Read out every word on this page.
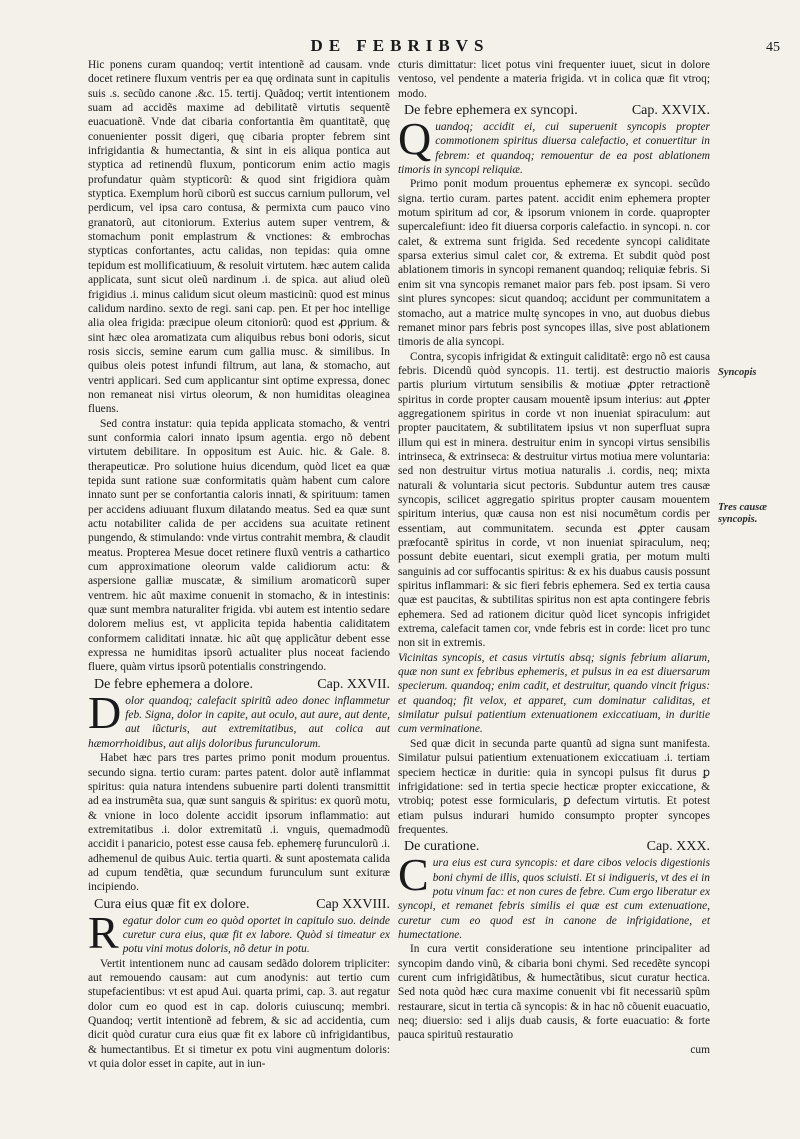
DE FEBRIBVS	45

Hic ponens curam quandoq; vertit intentionẽ ad causam. vnde docet retinere fluxum ventris per ea quę ordinata sunt in capitulis suis .s. secũdo canone .&c. 15. tertij. Quãdoq; vertit intentionem suam ad accidẽs maxime ad debilitatẽ virtutis sequentẽ euacuationẽ. Vnde dat cibaria confortantia ẽm quantitatẽ, quę conuenienter possit digeri, quę cibaria propter febrem sint infrigidantia & humectantia, & sint in eis aliqua pontica aut styptica ad retinendũ fluxum, ponticorum enim actio magis profundatur quàm stypticorũ: & quod sint frigidiora quàm styptica. Exemplum horũ ciborũ est succus carnium pullorum, vel perdicum, vel ipsa caro contusa, & permixta cum pauco vino granatorũ, aut citoniorum. Exterius autem super ventrem, & stomachum ponit emplastrum & vnctiones: & embrochas stypticas confortantes, actu calidas, non tepidas: quia omne tepidum est mollificatiuum, & resoluit virtutem. hæc autem calida applicata, sunt sicut oleũ nardinum .i. de spica. aut aliud oleũ frigidius .i. minus calidum sicut oleum masticinũ: quod est minus calidum nardino. sexto de regi. sani cap. pen. Et per hoc intellige alia olea frigida: præcipue oleum citoniorũ: quod est ꝓprium. & sint hæc olea aromatizata cum aliquibus rebus boni odoris, sicut rosis siccis, semine earum cum gallia musc. & similibus. In quibus oleis potest infundi filtrum, aut lana, & stomacho, aut ventri applicari. Sed cum applicantur sint optime expressa, donec non remaneat nisi virtus oleorum, & non humiditas oleaginea fluens.

Sed contra instatur: quia tepida applicata stomacho, & ventri sunt conformia calori innato ipsum agentia. ergo nõ debent virtutem debilitare. In oppositum est Auic. hic. & Gale. 8. therapeuticæ. Pro solutione huius dicendum, quòd licet ea quæ tepida sunt ratione suæ conformitatis quàm habent cum calore innato sunt per se confortantia caloris innati, & spirituum: tamen per accidens adiuuant fluxum dilatando meatus. Sed ea quæ sunt actu notabiliter calida de per accidens sua acuitate retinent pungendo, & stimulando: vnde virtus contrahit membra, & claudit meatus. Propterea Mesue docet retinere fluxũ ventris a cathartico cum approximatione oleorum valde calidiorum actu: & aspersione galliæ muscatæ, & similium aromaticorũ super ventrem. hic aũt maxime conuenit in stomacho, & in intestinis: quæ sunt membra naturaliter frigida. vbi autem est intentio sedare dolorem melius est, vt applicita tepida habentia caliditatem conformem caliditati innatæ. hic aũt quę applicãtur debent esse expressa ne humiditas ipsorũ actualiter plus noceat faciendo fluere, quàm virtus ipsorũ potentialis constringendo.

De febre ephemera a dolore.	Cap. XXVII.

Dolor quandoq; calefacit spiritũ adeo donec inflammetur feb. Signa, dolor in capite, aut oculo, aut aure, aut dente, aut iũcturis, aut extremitatibus, aut colica aut hæmorrhoidibus, aut alijs doloribus furunculorum.

Habet hæc pars tres partes primo ponit modum prouentus. secundo signa. tertio curam: partes patent. dolor autẽ inflammat spiritus: quia natura intendens subuenire parti dolenti transmittit ad ea instrumẽta sua, quæ sunt sanguis & spiritus: ex quorũ motu, & vnione in loco dolente accidit ipsorum inflammatio: aut extremitatibus .i. dolor extremitatũ .i. vnguis, quemadmodũ accidit i panaricio, potest esse causa feb. ephemerę furunculorũ .i. adhemenul de quibus Auic. tertia quarti. & sunt apostemata calida ad cupum tendẽtia, quæ secundum furunculum sunt exituræ incipiendo.

Cura eius quæ fit ex dolore.	Cap XXVIII.

Regatur dolor cum eo quòd oportet in capitulo suo. deinde curetur cura eius, quæ fit ex labore. Quòd si timeatur ex potu vini motus doloris, nõ detur in potu.

Vertit intentionem nunc ad causam sedãdo dolorem tripliciter: aut remouendo causam: aut cum anodynis: aut tertio cum stupefacientibus: vt est apud Aui. quarta primi, cap. 3. aut regatur dolor cum eo quod est in cap. doloris cuiuscunq; membri. Quandoq; vertit intentionẽ ad febrem, & sic ad accidentia, cum dicit quòd curatur cura eius quæ fit ex labore cũ infrigidantibus, & humectantibus. Et si timetur ex potu vini augmentum doloris: vt quia dolor esset in capite, aut in iun-

cturis dimittatur: licet potus vini frequenter iuuet, sicut in dolore ventoso, vel pendente a materia frigida. vt in colica quæ fit vtroq; modo.

De febre ephemera ex syncopi.	Cap. XXVIX.

Quandoq; accidit ei, cui superuenit syncopis propter commotionem spiritus diuersa calefactio, et conuertitur in febrem: et quandoq; remouentur de ea post ablationem timoris in syncopi reliquiæ.

Primo ponit modum prouentus ephemeræ ex syncopi. secũdo signa. tertio curam. partes patent. accidit enim ephemera propter motum spiritum ad cor, & ipsorum vnionem in corde. quapropter supercalefiunt: ideo fit diuersa corporis calefactio. in syncopi. n. cor calet, & extrema sunt frigida. Sed recedente syncopi caliditate sparsa exterius simul calet cor, & extrema. Et subdit quòd post ablationem timoris in syncopi remanent quandoq; reliquiæ febris. Si enim sit vna syncopis remanet maior pars feb. post ipsam. Si vero sint plures syncopes: sicut quandoq; accidunt per communitatem a stomacho, aut a matrice multę syncopes in vno, aut duobus diebus remanet minor pars febris post syncopes illas, sive post ablationem timoris de alia syncopi.

Contra, sycopis infrigidat & extinguit caliditatẽ: ergo nõ est causa febris. Dicendũ quòd syncopis. 11. tertij. est destructio maioris partis plurium virtutum sensibilis & motiuæ ꝓpter retractionẽ spiritus in corde propter causam mouentẽ ipsum interius: aut ꝓpter aggregationem spiritus in corde vt non inueniat spiraculum: aut propter paucitatem, & subtilitatem ipsius vt non superfluat supra illum qui est in minera. destruitur enim in syncopi virtus sensibilis intrinseca, & extrinseca: & destruitur virtus motiua mere voluntaria: sed non destruitur virtus motiua naturalis .i. cordis, neq; mixta naturali & voluntaria sicut pectoris. Subduntur autem tres causæ syncopis, scilicet aggregatio spiritus propter causam mouentem spiritum interius, quæ causa non est nisi nocumẽtum cordis per essentiam, aut communitatem. secunda est ꝓpter causam præfocantẽ spiritus in corde, vt non inueniat spiraculum, neq; possunt debite euentari, sicut exempli gratia, per motum multi sanguinis ad cor suffocantis spiritus: & ex his duabus causis possunt spiritus inflammari: & sic fieri febris ephemera. Sed ex tertia causa quæ est paucitas, & subtilitas spiritus non est apta contingere febris ephemera. Sed ad rationem dicitur quòd licet syncopis infrigidet extrema, calefacit tamen cor, vnde febris est in corde: licet pro tunc non sit in extremis.

Vicinitas syncopis, et casus virtutis absq; signis febrium aliarum, quæ non sunt ex febribus ephemeris, et pulsus in ea est diuersarum specierum. quandoq; enim cadit, et destruitur, quando vincit frigus: et quandoq; fit velox, et apparet, cum dominatur caliditas, et similatur pulsui patientium extenuationem exiccatiuam, in duritie cum verminatione.

Sed quæ dicit in secunda parte quantũ ad signa sunt manifesta. Similatur pulsui patientium extenuationem exiccatiuam .i. tertiam speciem hecticæ in duritie: quia in syncopi pulsus fit durus ꝑ infrigidatione: sed in tertia specie hecticæ propter exiccatione, & vtrobiq; potest esse formicularis, ꝑ defectum virtutis. Et potest etiam pulsus indurari humido consumpto propter syncopes frequentes.

De curatione.	Cap. XXX.

Cura eius est cura syncopis: et dare cibos velocis digestionis boni chymi de illis, quos sciuisti. Et si indigueris, vt des ei in potu vinum fac: et non cures de febre. Cum ergo liberatur ex syncopi, et remanet febris similis ei quæ est cum extenuatione, curetur cum eo quod est in canone de infrigidatione, et humectatione.

In cura vertit consideratione seu intentione principaliter ad syncopim dando vinũ, & cibaria boni chymi. Sed recedẽte syncopi curent cum infrigidãtibus, & humectãtibus, sicut curatur hectica. Sed nota quòd hæc cura maxime conuenit vbi fit necessariũ spũm restaurare, sicut in tertia cã syncopis: & in hac nõ cõuenit euacuatio, neq; diuersio: sed i alijs duab causis, & forte euacuatio: & forte pauca spirituũ restauratio

cum

Syncopis
Tres causæ syncopis.
